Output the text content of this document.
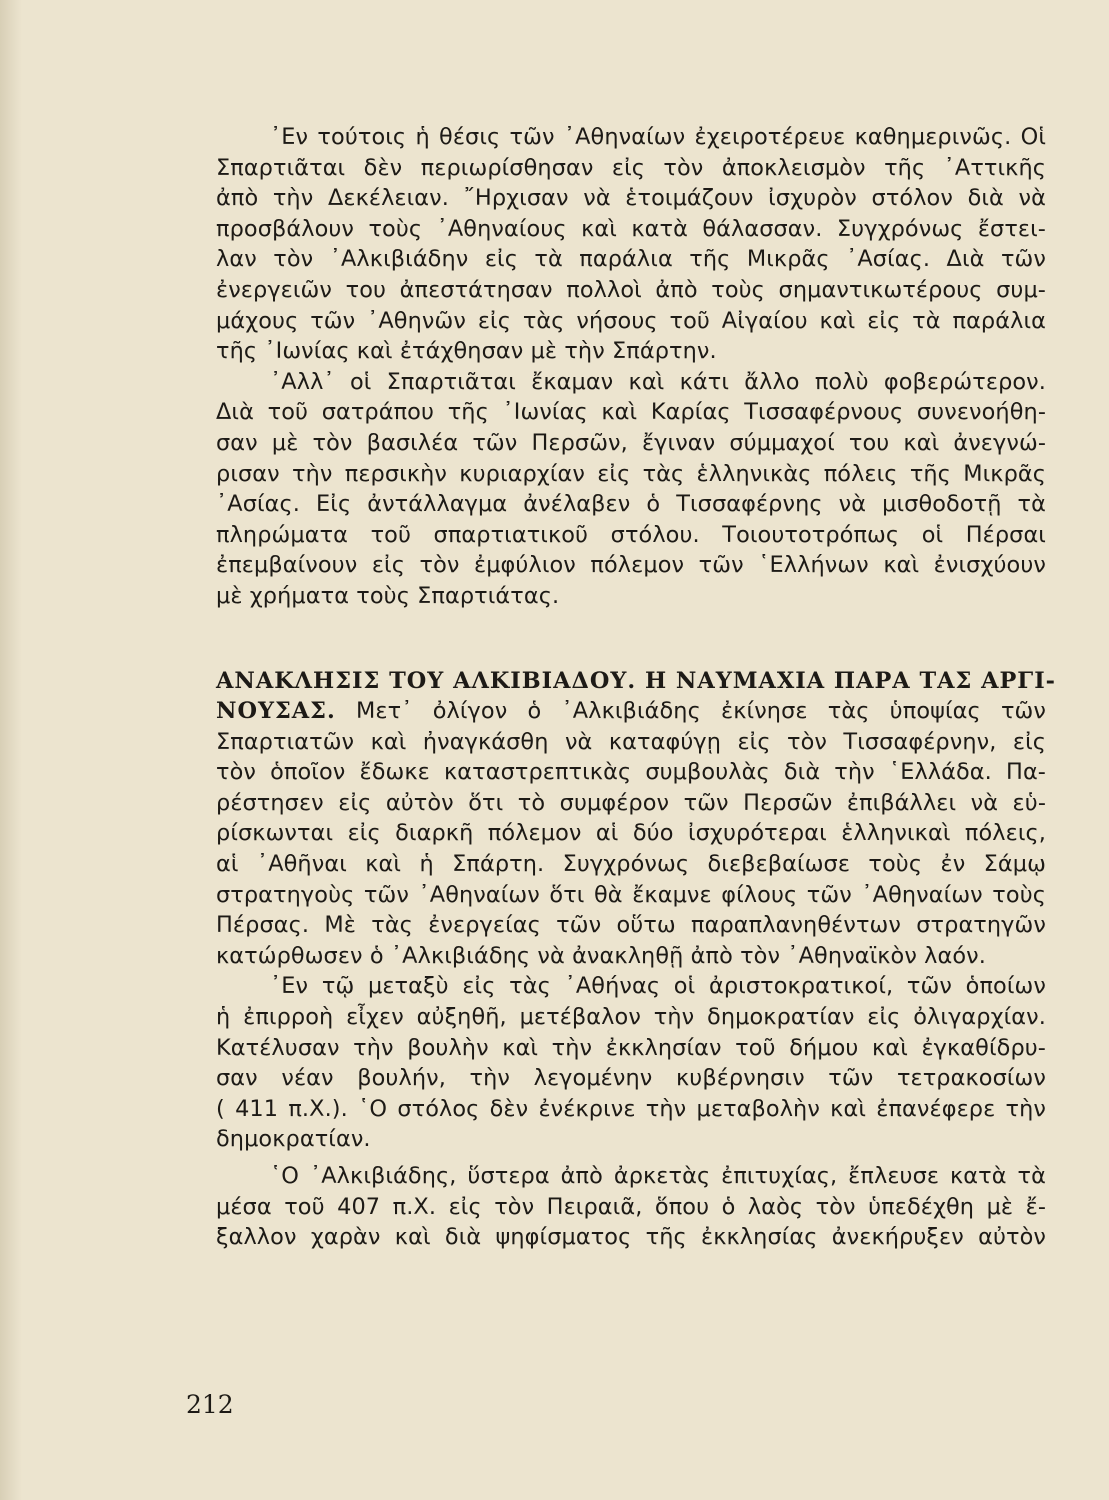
᾿Εν τούτοις ἡ θέσις τῶν ᾿Αθηναίων ἐχειροτέρευε καθημερινῶς. Οἱ
Σπαρτιᾶται δὲν περιωρίσθησαν εἰς τὸν ἀποκλεισμὸν τῆς ᾿Αττικῆς
ἀπὸ τὴν Δεκέλειαν. ῎Ηρχισαν νὰ ἑτοιμάζουν ἰσχυρὸν στόλον διὰ νὰ
προσβάλουν τοὺς ᾿Αθηναίους καὶ κατὰ θάλασσαν. Συγχρόνως ἔστει-
λαν τὸν ᾿Αλκιβιάδην εἰς τὰ παράλια τῆς Μικρᾶς ᾿Ασίας. Διὰ τῶν
ἐνεργειῶν του ἀπεστάτησαν πολλοὶ ἀπὸ τοὺς σημαντικωτέρους συμ-
μάχους τῶν ᾿Αθηνῶν εἰς τὰς νήσους τοῦ Αἰγαίου καὶ εἰς τὰ παράλια
τῆς ᾿Ιωνίας καὶ ἐτάχθησαν μὲ τὴν Σπάρτην.
᾿Αλλ᾿ οἱ Σπαρτιᾶται ἔκαμαν καὶ κάτι ἄλλο πολὺ φοβερώτερον.
Διὰ τοῦ σατράπου τῆς ᾿Ιωνίας καὶ Καρίας Τισσαφέρνους συνενοήθη-
σαν μὲ τὸν βασιλέα τῶν Περσῶν, ἔγιναν σύμμαχοί του καὶ ἀνεγνώ-
ρισαν τὴν περσικὴν κυριαρχίαν εἰς τὰς ἑλληνικὰς πόλεις τῆς Μικρᾶς
᾿Ασίας. Εἰς ἀντάλλαγμα ἀνέλαβεν ὁ Τισσαφέρνης νὰ μισθοδοτῇ τὰ
πληρώματα τοῦ σπαρτιατικοῦ στόλου. Τοιουτοτρόπως οἱ Πέρσαι
ἐπεμβαίνουν εἰς τὸν ἐμφύλιον πόλεμον τῶν ῾Ελλήνων καὶ ἐνισχύουν
μὲ χρήματα τοὺς Σπαρτιάτας.
ΑΝΑΚΛΗΣΙΣ ΤΟΥ ΑΛΚΙΒΙΑΔΟΥ. Η ΝΑΥΜΑΧΙΑ ΠΑΡΑ ΤΑΣ ΑΡΓΙ-
ΝΟΥΣΑΣ. Μετ᾿ ὀλίγον ὁ ᾿Αλκιβιάδης ἐκίνησε τὰς ὑποψίας τῶν
Σπαρτιατῶν καὶ ἠναγκάσθη νὰ καταφύγῃ εἰς τὸν Τισσαφέρνην, εἰς
τὸν ὁποῖον ἔδωκε καταστρεπτικὰς συμβουλὰς διὰ τὴν ῾Ελλάδα. Πα-
ρέστησεν εἰς αὐτὸν ὅτι τὸ συμφέρον τῶν Περσῶν ἐπιβάλλει νὰ εὑ-
ρίσκωνται εἰς διαρκῆ πόλεμον αἱ δύο ἰσχυρότεραι ἑλληνικαὶ πόλεις,
αἱ ᾿Αθῆναι καὶ ἡ Σπάρτη. Συγχρόνως διεβεβαίωσε τοὺς ἐν Σάμῳ
στρατηγοὺς τῶν ᾿Αθηναίων ὅτι θὰ ἔκαμνε φίλους τῶν ᾿Αθηναίων τοὺς
Πέρσας. Μὲ τὰς ἐνεργείας τῶν οὕτω παραπλανηθέντων στρατηγῶν
κατώρθωσεν ὁ ᾿Αλκιβιάδης νὰ ἀνακληθῇ ἀπὸ τὸν ᾿Αθηναϊκὸν λαόν.
᾿Εν τῷ μεταξὺ εἰς τὰς ᾿Αθήνας οἱ ἀριστοκρατικοί, τῶν ὁποίων
ἡ ἐπιρροὴ εἶχεν αὐξηθῆ, μετέβαλον τὴν δημοκρατίαν εἰς ὀλιγαρχίαν.
Κατέλυσαν τὴν βουλὴν καὶ τὴν ἐκκλησίαν τοῦ δήμου καὶ ἐγκαθίδρυ-
σαν νέαν βουλήν, τὴν λεγομένην κυβέρνησιν τῶν τετρακοσίων
( 411 π.Χ.). ῾Ο στόλος δὲν ἐνέκρινε τὴν μεταβολὴν καὶ ἐπανέφερε τὴν
δημοκρατίαν.
῾Ο ᾿Αλκιβιάδης, ὕστερα ἀπὸ ἀρκετὰς ἐπιτυχίας, ἔπλευσε κατὰ τὰ
μέσα τοῦ 407 π.Χ. εἰς τὸν Πειραιᾶ, ὅπου ὁ λαὸς τὸν ὑπεδέχθη μὲ ἔ-
ξαλλον χαρὰν καὶ διὰ ψηφίσματος τῆς ἐκκλησίας ἀνεκήρυξεν αὐτὸν
212
